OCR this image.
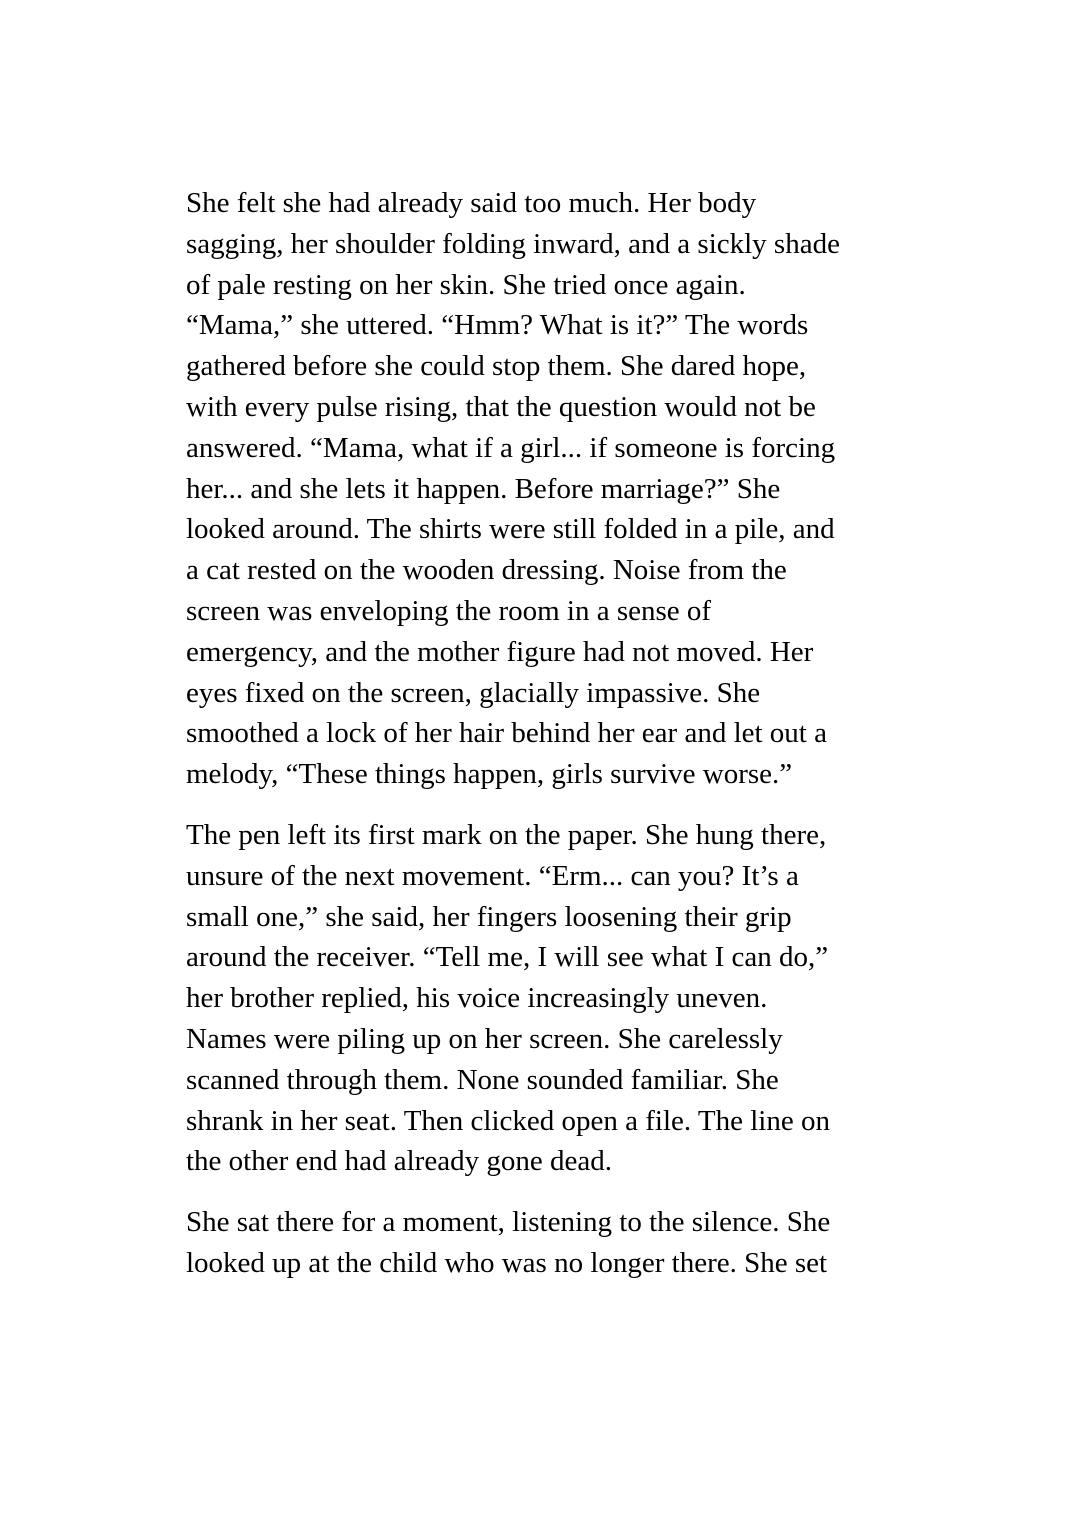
She felt she had already said too much. Her body
sagging, her shoulder folding inward, and a sickly shade
of pale resting on her skin. She tried once again.
“Mama,” she uttered. “Hmm? What is it?” The words
gathered before she could stop them. She dared hope,
with every pulse rising, that the question would not be
answered. “Mama, what if a girl... if someone is forcing
her... and she lets it happen. Before marriage?” She
looked around. The shirts were still folded in a pile, and
a cat rested on the wooden dressing. Noise from the
screen was enveloping the room in a sense of
emergency, and the mother figure had not moved. Her
eyes fixed on the screen, glacially impassive. She
smoothed a lock of her hair behind her ear and let out a
melody, “These things happen, girls survive worse.”
The pen left its first mark on the paper. She hung there,
unsure of the next movement. “Erm... can you? It’s a
small one,” she said, her fingers loosening their grip
around the receiver. “Tell me, I will see what I can do,”
her brother replied, his voice increasingly uneven.
Names were piling up on her screen. She carelessly
scanned through them. None sounded familiar. She
shrank in her seat. Then clicked open a file. The line on
the other end had already gone dead.
She sat there for a moment, listening to the silence. She
looked up at the child who was no longer there. She set
